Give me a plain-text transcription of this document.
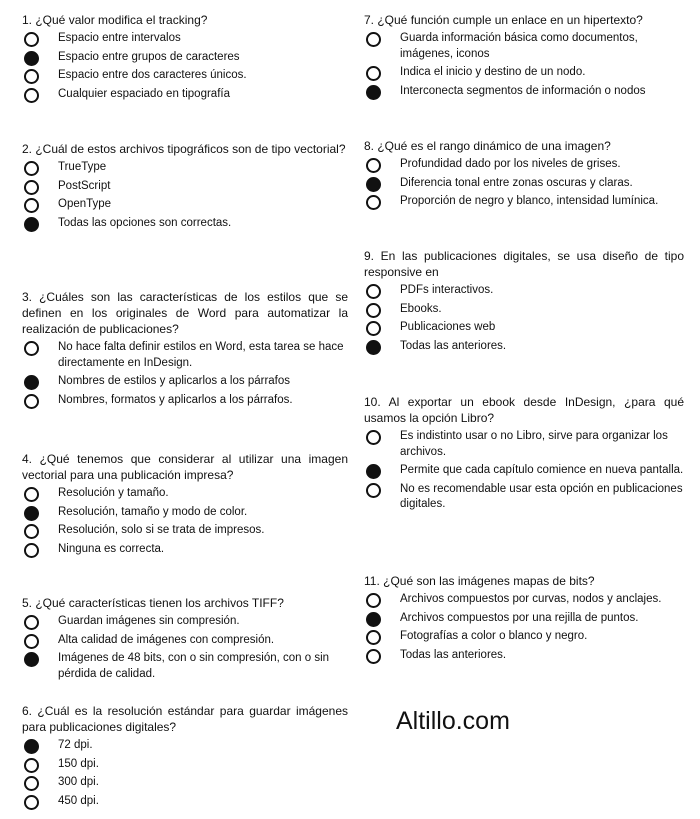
1. ¿Qué valor modifica el tracking?
Espacio entre intervalos
Espacio entre grupos de caracteres
Espacio entre dos caracteres únicos.
Cualquier espaciado en tipografía
2. ¿Cuál de estos archivos tipográficos son de tipo vectorial?
TrueType
PostScript
OpenType
Todas las opciones son correctas.
3. ¿Cuáles son las características de los estilos que se definen en los originales de Word para automatizar la realización de publicaciones?
No hace falta definir estilos en Word, esta tarea se hace directamente en InDesign.
Nombres de estilos y aplicarlos a los párrafos
Nombres, formatos y aplicarlos a los párrafos.
4. ¿Qué tenemos que considerar al utilizar una imagen vectorial para una publicación impresa?
Resolución y tamaño.
Resolución, tamaño y modo de color.
Resolución, solo si se trata de impresos.
Ninguna es correcta.
5. ¿Qué características tienen los archivos TIFF?
Guardan imágenes sin compresión.
Alta calidad de imágenes con compresión.
Imágenes de 48 bits, con o sin compresión, con o sin pérdida de calidad.
6. ¿Cuál es la resolución estándar para guardar imágenes para publicaciones digitales?
72 dpi.
150 dpi.
300 dpi.
450 dpi.
7. ¿Qué función cumple un enlace en un hipertexto?
Guarda información básica como documentos, imágenes, iconos
Indica el inicio y destino de un nodo.
Interconecta segmentos de información o nodos
8. ¿Qué es el rango dinámico de una imagen?
Profundidad dado por los niveles de grises.
Diferencia tonal entre zonas oscuras y claras.
Proporción de negro y blanco, intensidad lumínica.
9. En las publicaciones digitales, se usa diseño de tipo responsive en
PDFs interactivos.
Ebooks.
Publicaciones web
Todas las anteriores.
10. Al exportar un ebook desde InDesign, ¿para qué usamos la opción Libro?
Es indistinto usar o no Libro, sirve para organizar los archivos.
Permite que cada capítulo comience en nueva pantalla.
No es recomendable usar esta opción en publicaciones digitales.
11. ¿Qué son las imágenes mapas de bits?
Archivos compuestos por curvas, nodos y anclajes.
Archivos compuestos por una rejilla de puntos.
Fotografías a color o blanco y negro.
Todas las anteriores.
Altillo.com
